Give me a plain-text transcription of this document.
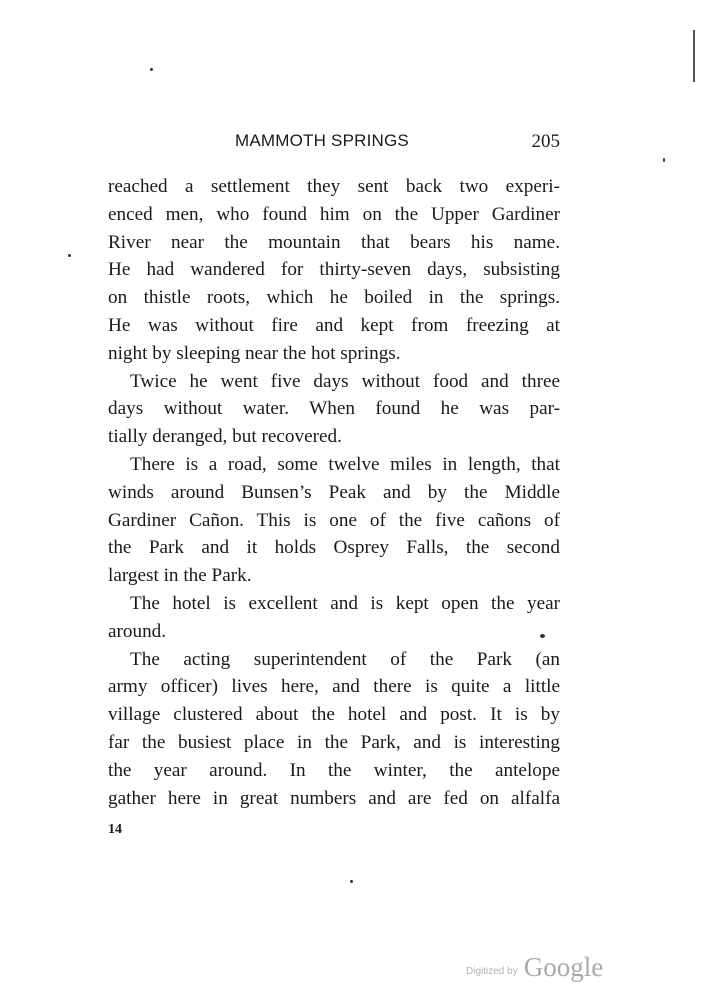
MAMMOTH SPRINGS	205
reached a settlement they sent back two experi-
enced men, who found him on the Upper Gardiner
River near the mountain that bears his name.
He had wandered for thirty-seven days, subsisting
on thistle roots, which he boiled in the springs.
He was without fire and kept from freezing at
night by sleeping near the hot springs.
Twice he went five days without food and three
days without water. When found he was par-
tially deranged, but recovered.
There is a road, some twelve miles in length, that
winds around Bunsen’s Peak and by the Middle
Gardiner Cañon. This is one of the five cañons of
the Park and it holds Osprey Falls, the second
largest in the Park.
The hotel is excellent and is kept open the year
around.
The acting superintendent of the Park (an
army officer) lives here, and there is quite a little
village clustered about the hotel and post. It is by
far the busiest place in the Park, and is interesting
the year around. In the winter, the antelope
gather here in great numbers and are fed on alfalfa
14
Digitized by Google
